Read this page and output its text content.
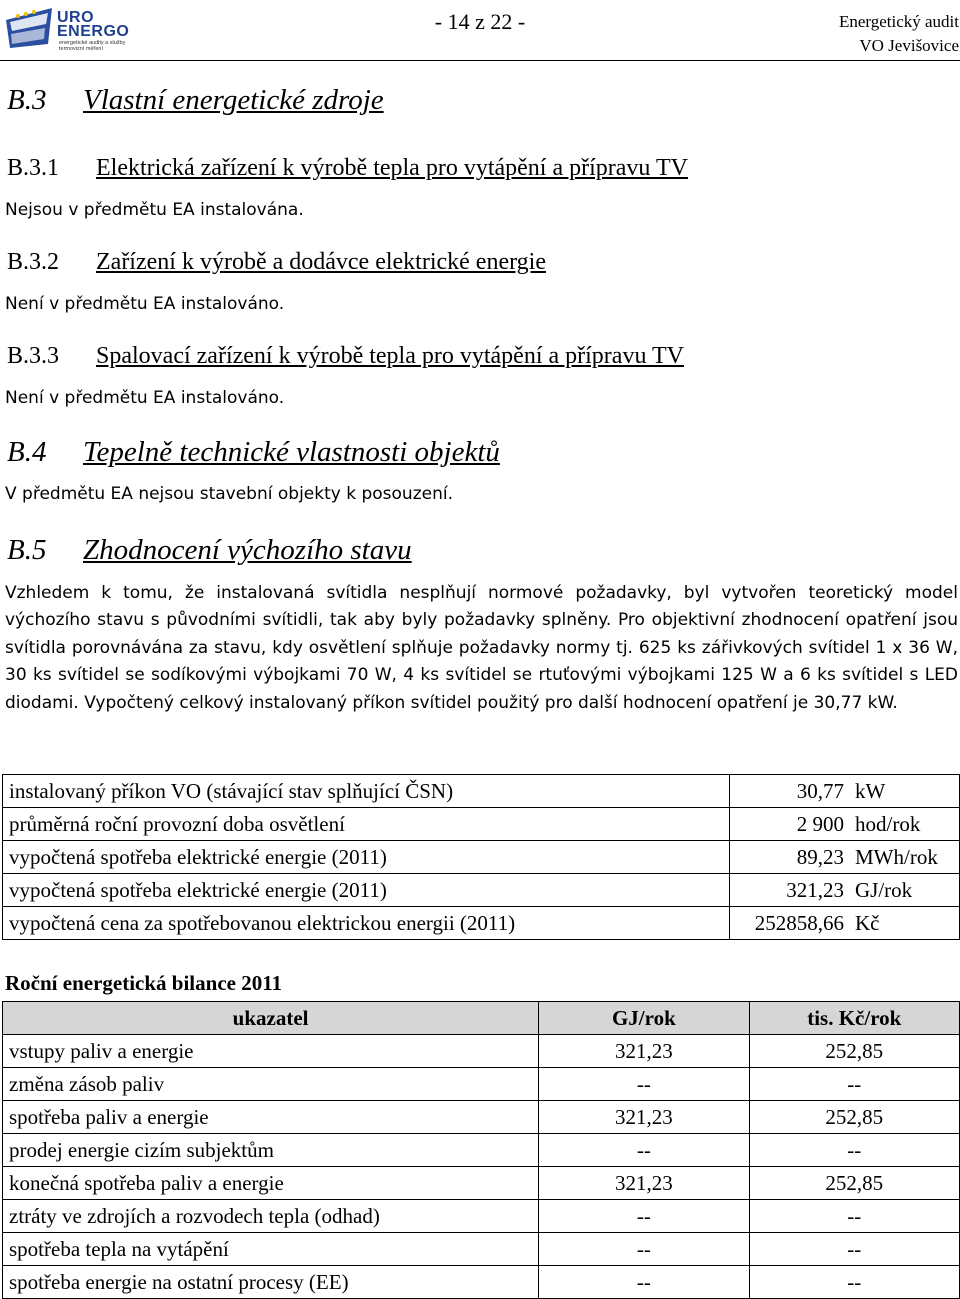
URO
ENERGO
energetické audity a služby termovizní měření
- 14 z 22 -	Energetický audit
VO Jevišovice
B.3 Vlastní energetické zdroje
B.3.1 Elektrická zařízení k výrobě tepla pro vytápění a přípravu TV
Nejsou v předmětu EA instalována.
B.3.2 Zařízení k výrobě a dodávce elektrické energie
Není v předmětu EA instalováno.
B.3.3 Spalovací zařízení k výrobě tepla pro vytápění a přípravu TV
Není v předmětu EA instalováno.
B.4 Tepelně technické vlastnosti objektů
V předmětu EA nejsou stavební objekty k posouzení.
B.5 Zhodnocení výchozího stavu
Vzhledem k tomu, že instalovaná svítidla nesplňují normové požadavky, byl vytvořen teoretický model výchozího stavu s původními svítidli, tak aby byly požadavky splněny. Pro objektivní zhodnocení opatření jsou svítidla porovnávána za stavu, kdy osvětlení splňuje požadavky normy tj. 625 ks zářivkových svítidel 1 x 36 W, 30 ks svítidel se sodíkovými výbojkami 70 W, 4 ks svítidel se rtuťovými výbojkami 125 W a 6 ks svítidel s LED diodami. Vypočtený celkový instalovaný příkon svítidel použitý pro další hodnocení opatření je 30,77 kW.
instalovaný příkon VO (stávající stav splňující ČSN)		30,77	kW
průměrná roční provozní doba osvětlení		2 900	hod/rok
vypočtená spotřeba elektrické energie (2011)		89,23	MWh/rok
vypočtená spotřeba elektrické energie (2011)		321,23	GJ/rok
vypočtená cena za spotřebovanou elektrickou energii (2011)		252858,66	Kč
Roční energetická bilance 2011
ukazatel	GJ/rok	tis. Kč/rok
vstupy paliv a energie	321,23	252,85
změna zásob paliv	--	--
spotřeba paliv a energie	321,23	252,85
prodej energie cizím subjektům	--	--
konečná spotřeba paliv a energie	321,23	252,85
ztráty ve zdrojích a rozvodech tepla (odhad)	--	--
spotřeba tepla na vytápění	--	--
spotřeba energie na ostatní procesy (EE)	--	--
